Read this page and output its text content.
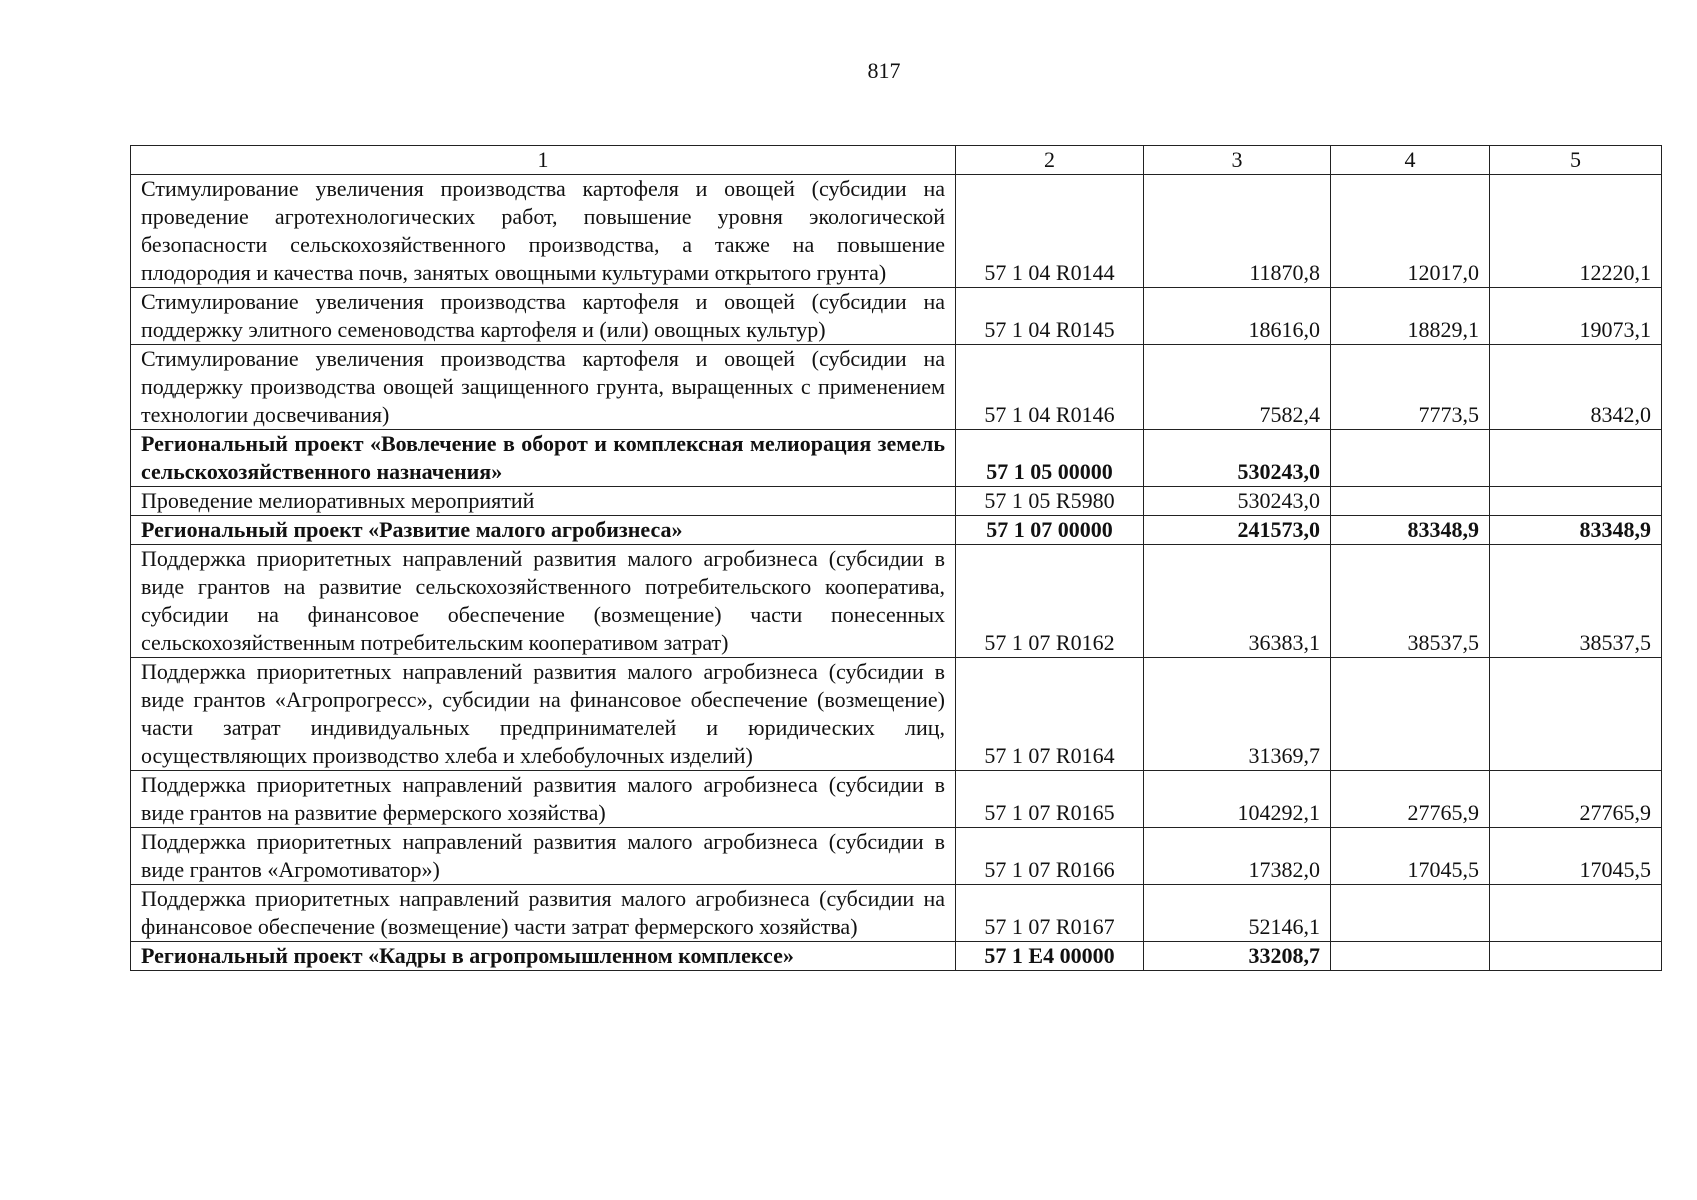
817
1	2	3	4	5
Стимулирование увеличения производства картофеля и овощей (субсидии на проведение агротехнологических работ, повышение уровня экологической безопасности сельскохозяйственного производства, а также на повышение плодородия и качества почв, занятых овощными культурами открытого грунта)	57 1 04 R0144	11870,8	12017,0	12220,1
Стимулирование увеличения производства картофеля и овощей (субсидии на поддержку элитного семеноводства картофеля и (или) овощных культур)	57 1 04 R0145	18616,0	18829,1	19073,1
Стимулирование увеличения производства картофеля и овощей (субсидии на поддержку производства овощей защищенного грунта, выращенных с применением технологии досвечивания)	57 1 04 R0146	7582,4	7773,5	8342,0
Региональный проект «Вовлечение в оборот и комплексная мелиорация земель сельскохозяйственного назначения»	57 1 05 00000	530243,0		
Проведение мелиоративных мероприятий	57 1 05 R5980	530243,0		
Региональный проект «Развитие малого агробизнеса»	57 1 07 00000	241573,0	83348,9	83348,9
Поддержка приоритетных направлений развития малого агробизнеса (субсидии в виде грантов на развитие сельскохозяйственного потребительского кооператива, субсидии на финансовое обеспечение (возмещение) части понесенных сельскохозяйственным потребительским кооперативом затрат)	57 1 07 R0162	36383,1	38537,5	38537,5
Поддержка приоритетных направлений развития малого агробизнеса (субсидии в виде грантов «Агропрогресс», субсидии на финансовое обеспечение (возмещение) части затрат индивидуальных предпринимателей и юридических лиц, осуществляющих производство хлеба и хлебобулочных изделий)	57 1 07 R0164	31369,7		
Поддержка приоритетных направлений развития малого агробизнеса (субсидии в виде грантов на развитие фермерского хозяйства)	57 1 07 R0165	104292,1	27765,9	27765,9
Поддержка приоритетных направлений развития малого агробизнеса (субсидии в виде грантов «Агромотиватор»)	57 1 07 R0166	17382,0	17045,5	17045,5
Поддержка приоритетных направлений развития малого агробизнеса (субсидии на финансовое обеспечение (возмещение) части затрат фермерского хозяйства)	57 1 07 R0167	52146,1		
Региональный проект «Кадры в агропромышленном комплексе»	57 1 E4 00000	33208,7		
